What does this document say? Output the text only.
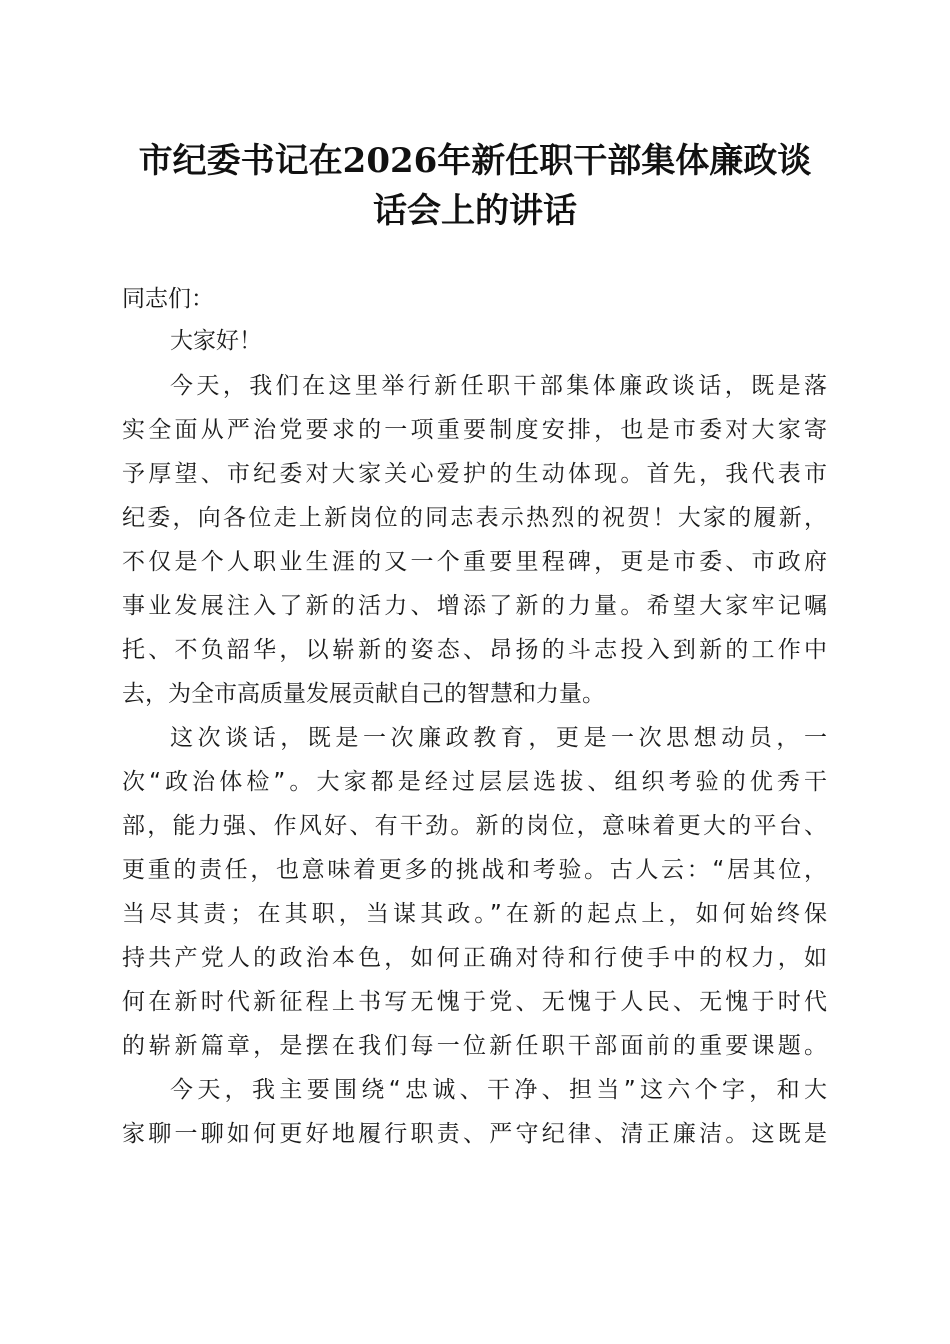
市纪委书记在2026年新任职干部集体廉政谈
话会上的讲话

同志们：

大家好！

今天，我们在这里举行新任职干部集体廉政谈话，既是落

实全面从严治党要求的一项重要制度安排，也是市委对大家寄

予厚望、市纪委对大家关心爱护的生动体现。首先，我代表市

纪委，向各位走上新岗位的同志表示热烈的祝贺！大家的履新，

不仅是个人职业生涯的又一个重要里程碑，更是市委、市政府

事业发展注入了新的活力、增添了新的力量。希望大家牢记嘱

托、不负韶华，以崭新的姿态、昂扬的斗志投入到新的工作中

去，为全市高质量发展贡献自己的智慧和力量。

这次谈话，既是一次廉政教育，更是一次思想动员，一

次“政治体检”。大家都是经过层层选拔、组织考验的优秀干

部，能力强、作风好、有干劲。新的岗位，意味着更大的平台、

更重的责任，也意味着更多的挑战和考验。古人云：“居其位，

当尽其责；在其职，当谋其政。”在新的起点上，如何始终保

持共产党人的政治本色，如何正确对待和行使手中的权力，如

何在新时代新征程上书写无愧于党、无愧于人民、无愧于时代

的崭新篇章，是摆在我们每一位新任职干部面前的重要课题。

今天，我主要围绕“忠诚、干净、担当”这六个字，和大

家聊一聊如何更好地履行职责、严守纪律、清正廉洁。这既是
